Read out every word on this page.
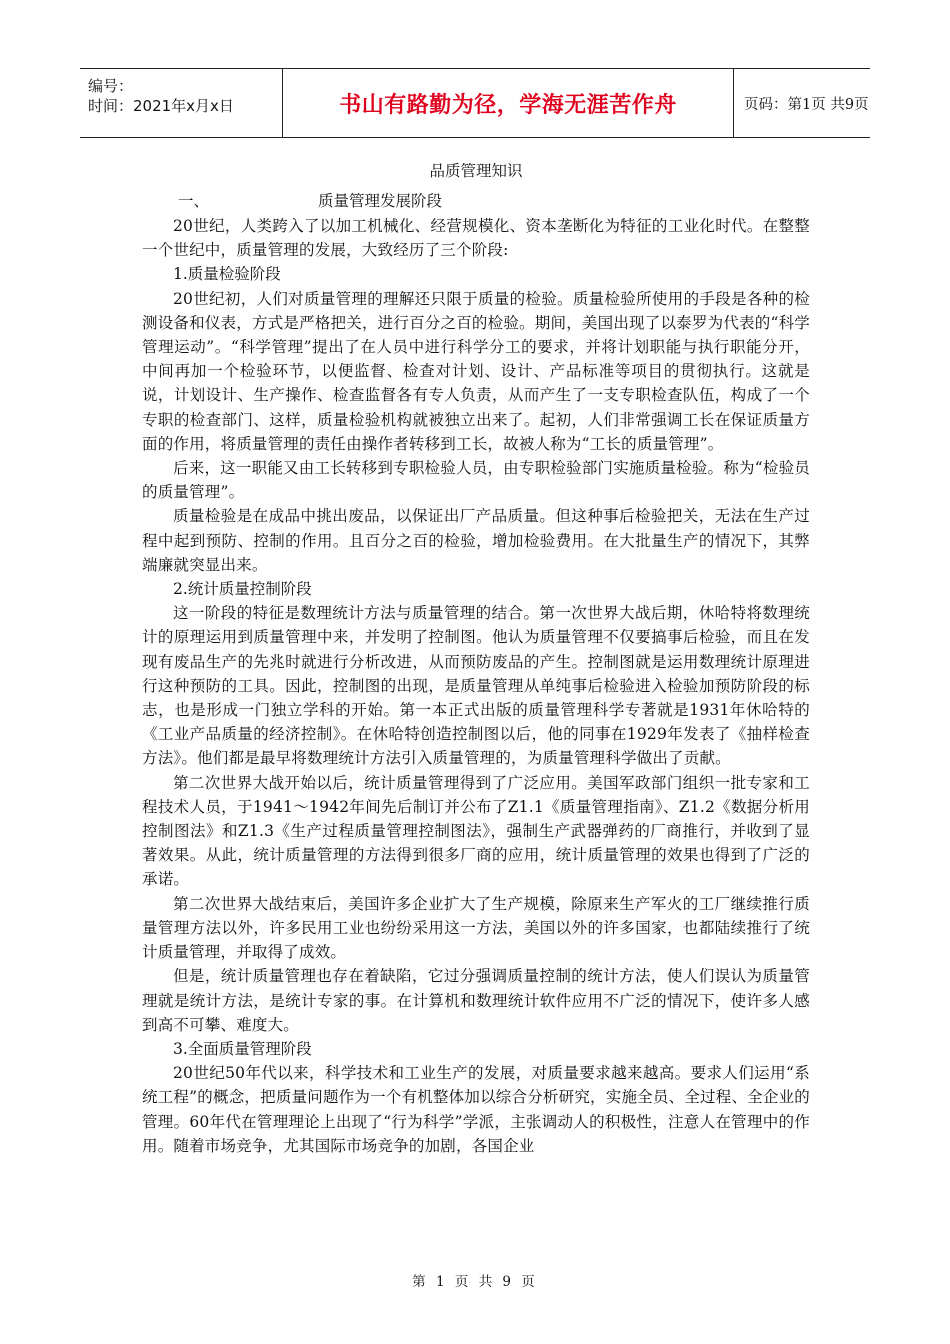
编号：
时间：2021年x月x日	书山有路勤为径，学海无涯苦作舟	页码：第1页 共9页
品质管理知识
一、	质量管理发展阶段

20世纪，人类跨入了以加工机械化、经营规模化、资本垄断化为特征的工业化时代。在整整一个世纪中，质量管理的发展，大致经历了三个阶段:

1.质量检验阶段

20世纪初，人们对质量管理的理解还只限于质量的检验。质量检验所使用的手段是各种的检测设备和仪表，方式是严格把关，进行百分之百的检验。期间，美国出现了以泰罗为代表的“科学管理运动”。“科学管理”提出了在人员中进行科学分工的要求，并将计划职能与执行职能分开，中间再加一个检验环节，以便监督、检查对计划、设计、产品标准等项目的贯彻执行。这就是说，计划设计、生产操作、检查监督各有专人负责，从而产生了一支专职检查队伍，构成了一个专职的检查部门、这样，质量检验机构就被独立出来了。起初，人们非常强调工长在保证质量方面的作用，将质量管理的责任由操作者转移到工长，故被人称为“工长的质量管理”。

后来，这一职能又由工长转移到专职检验人员，由专职检验部门实施质量检验。称为“检验员的质量管理”。

质量检验是在成品中挑出废品，以保证出厂产品质量。但这种事后检验把关，无法在生产过程中起到预防、控制的作用。且百分之百的检验，增加检验费用。在大批量生产的情况下，其弊端廉就突显出来。

2.统计质量控制阶段

这一阶段的特征是数理统计方法与质量管理的结合。第一次世界大战后期，休哈特将数理统计的原理运用到质量管理中来，并发明了控制图。他认为质量管理不仅要搞事后检验，而且在发现有废品生产的先兆时就进行分析改进，从而预防废品的产生。控制图就是运用数理统计原理进行这种预防的工具。因此，控制图的出现，是质量管理从单纯事后检验进入检验加预防阶段的标志，也是形成一门独立学科的开始。第一本正式出版的质量管理科学专著就是1931年休哈特的《工业产品质量的经济控制》。在休哈特创造控制图以后，他的同事在1929年发表了《抽样检查方法》。他们都是最早将数理统计方法引入质量管理的，为质量管理科学做出了贡献。

第二次世界大战开始以后，统计质量管理得到了广泛应用。美国军政部门组织一批专家和工程技术人员，于1941～1942年间先后制订并公布了Z1.1《质量管理指南》、Z1.2《数据分析用控制图法》和Z1.3《生产过程质量管理控制图法》，强制生产武器弹药的厂商推行，并收到了显著效果。从此，统计质量管理的方法得到很多厂商的应用，统计质量管理的效果也得到了广泛的承诺。

第二次世界大战结束后，美国许多企业扩大了生产规模，除原来生产军火的工厂继续推行质量管理方法以外，许多民用工业也纷纷采用这一方法，美国以外的许多国家，也都陆续推行了统计质量管理，并取得了成效。

但是，统计质量管理也存在着缺陷，它过分强调质量控制的统计方法，使人们误认为质量管理就是统计方法，是统计专家的事。在计算机和数理统计软件应用不广泛的情况下，使许多人感到高不可攀、难度大。

3.全面质量管理阶段

20世纪50年代以来，科学技术和工业生产的发展，对质量要求越来越高。要求人们运用“系统工程”的概念，把质量问题作为一个有机整体加以综合分析研究，实施全员、全过程、全企业的管理。60年代在管理理论上出现了“行为科学”学派，主张调动人的积极性，注意人在管理中的作用。随着市场竞争，尤其国际市场竞争的加剧，各国企业

第 1 页 共 9 页
